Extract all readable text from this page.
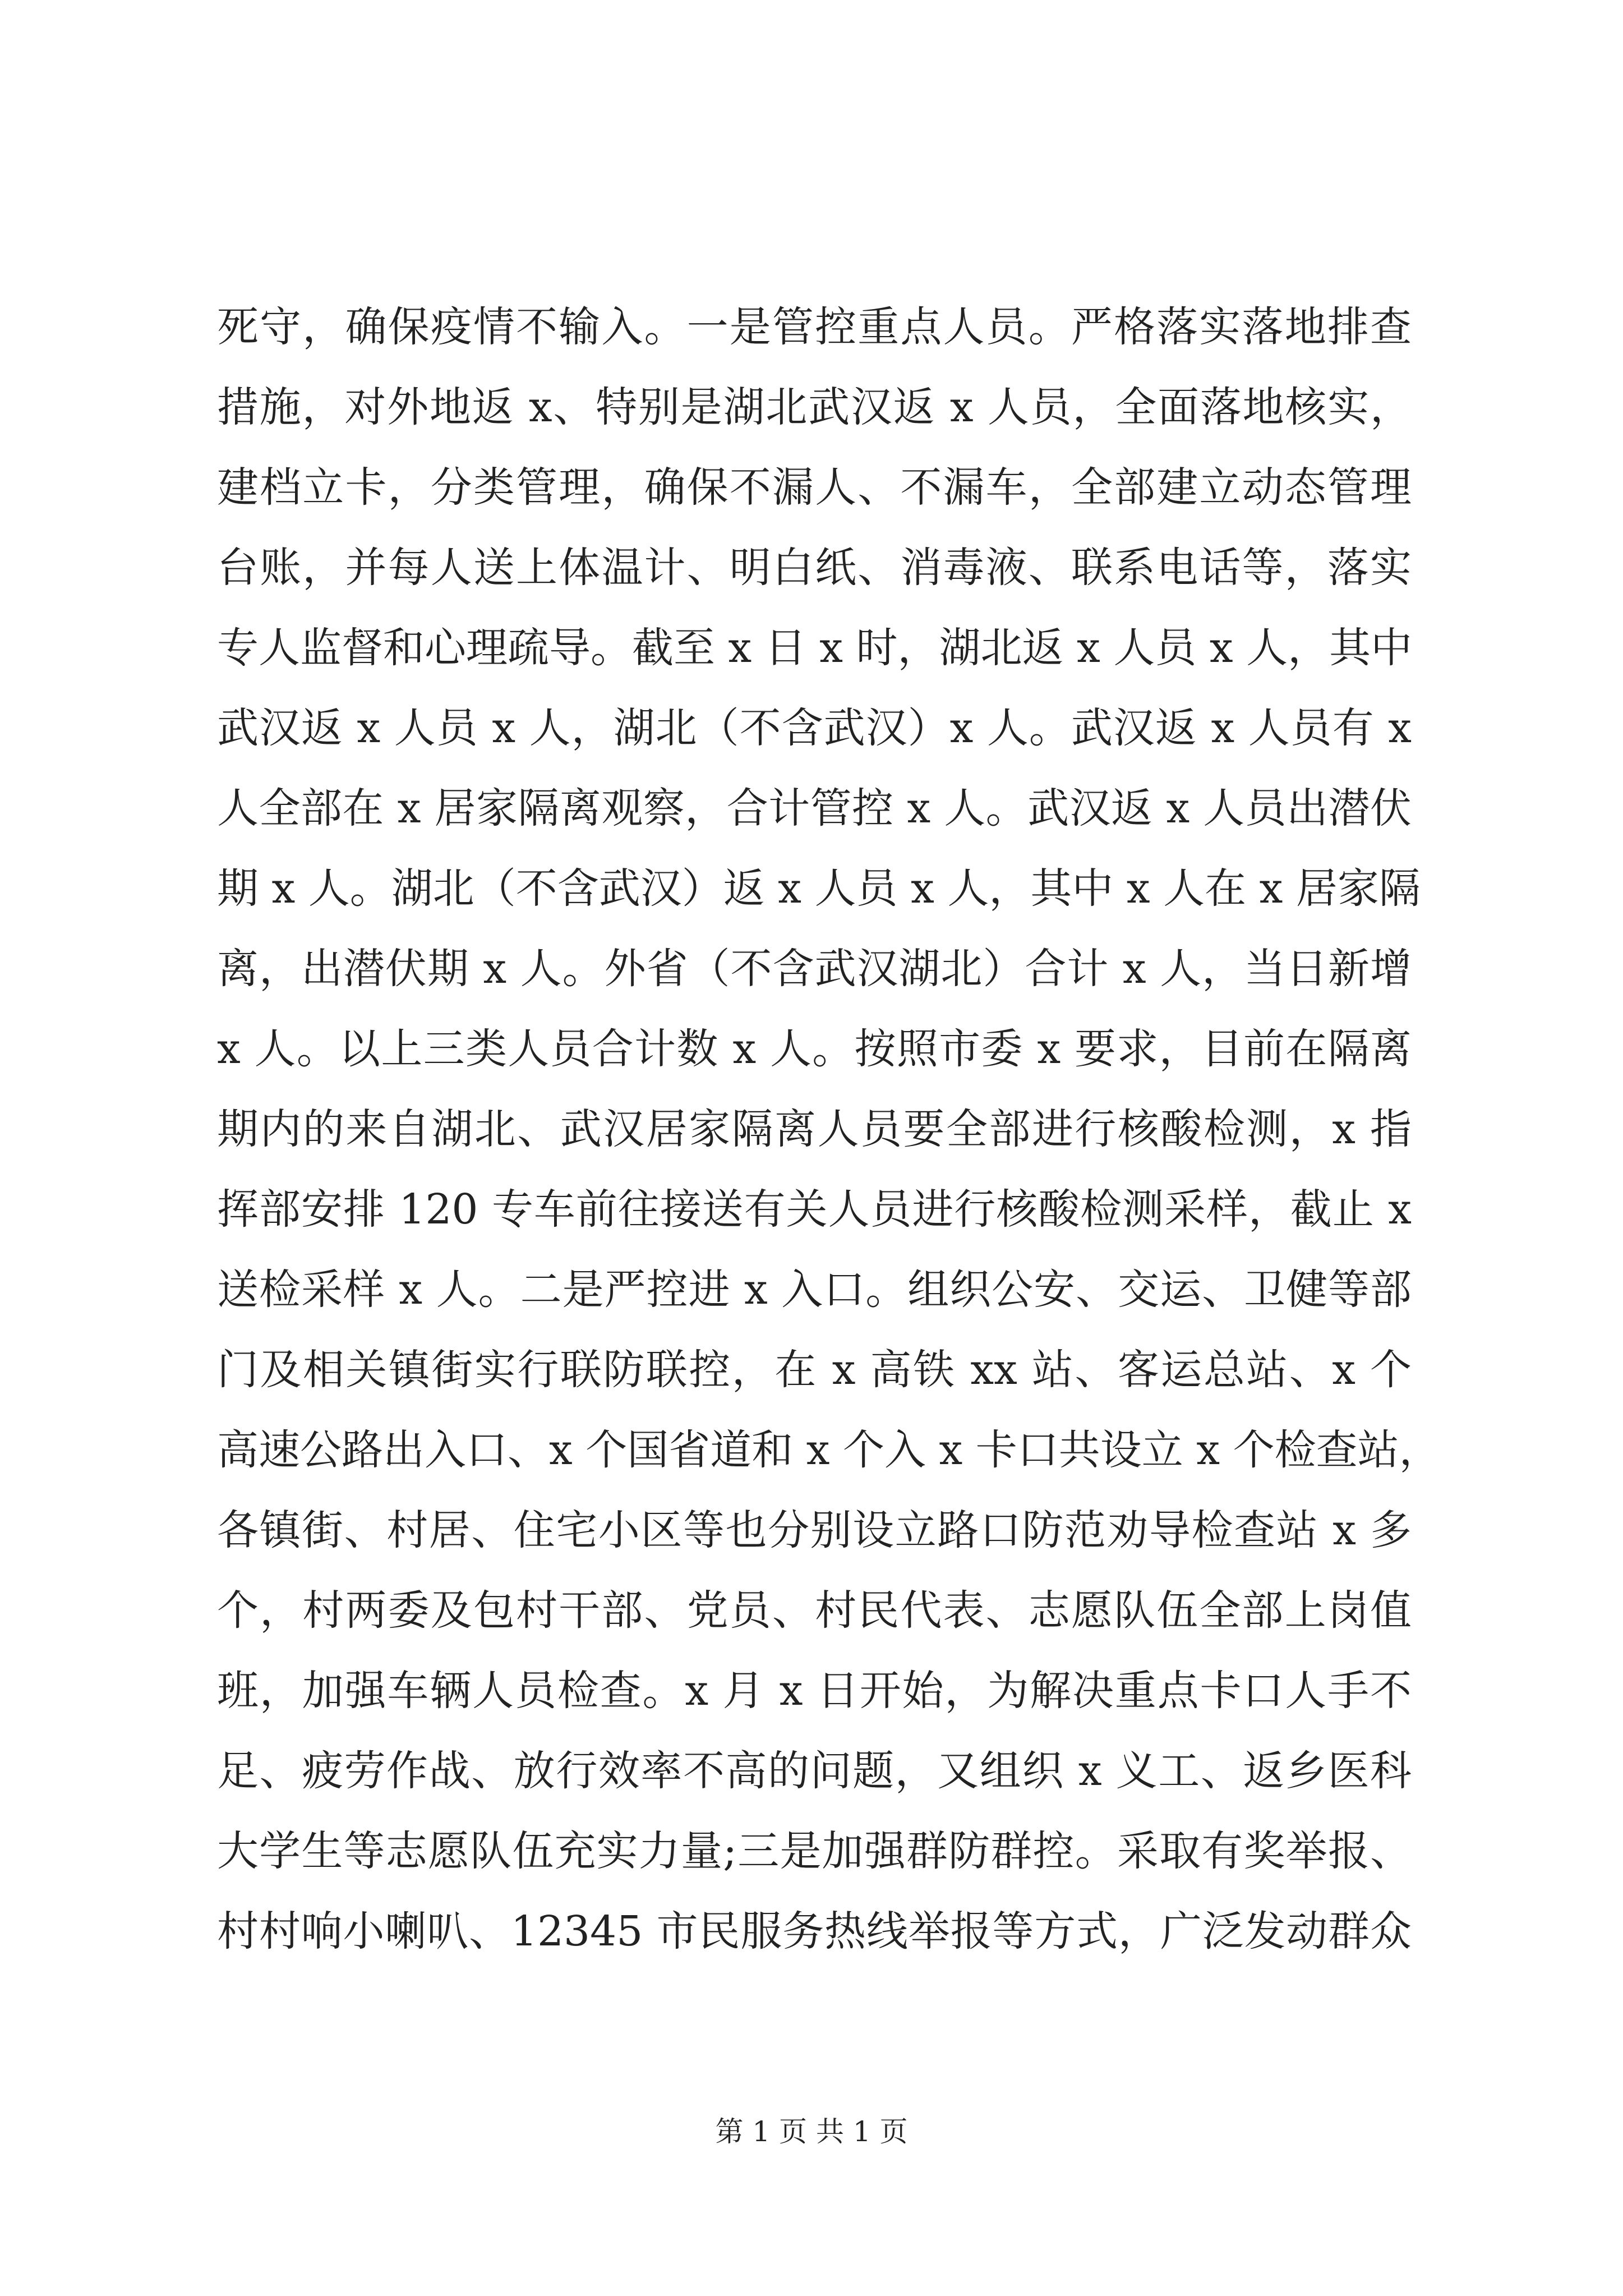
死守，确保疫情不输入。一是管控重点人员。严格落实落地排查
措施，对外地返 x、特别是湖北武汉返 x 人员，全面落地核实，
建档立卡，分类管理，确保不漏人、不漏车，全部建立动态管理
台账，并每人送上体温计、明白纸、消毒液、联系电话等，落实
专人监督和心理疏导。截至 x 日 x 时，湖北返 x 人员 x 人，其中
武汉返 x 人员 x 人，湖北（不含武汉）x 人。武汉返 x 人员有 x
人全部在 x 居家隔离观察，合计管控 x 人。武汉返 x 人员出潜伏
期 x 人。湖北（不含武汉）返 x 人员 x 人，其中 x 人在 x 居家隔
离，出潜伏期 x 人。外省（不含武汉湖北）合计 x 人，当日新增
x 人。以上三类人员合计数 x 人。按照市委 x 要求，目前在隔离
期内的来自湖北、武汉居家隔离人员要全部进行核酸检测，x 指
挥部安排 120 专车前往接送有关人员进行核酸检测采样，截止 x
送检采样 x 人。二是严控进 x 入口。组织公安、交运、卫健等部
门及相关镇街实行联防联控，在 x 高铁 xx 站、客运总站、x 个
高速公路出入口、x 个国省道和 x 个入 x 卡口共设立 x 个检查站，
各镇街、村居、住宅小区等也分别设立路口防范劝导检查站 x 多
个，村两委及包村干部、党员、村民代表、志愿队伍全部上岗值
班，加强车辆人员检查。x 月 x 日开始，为解决重点卡口人手不
足、疲劳作战、放行效率不高的问题，又组织 x 义工、返乡医科
大学生等志愿队伍充实力量;三是加强群防群控。采取有奖举报、
村村响小喇叭、12345 市民服务热线举报等方式，广泛发动群众
第 1 页 共 1 页
